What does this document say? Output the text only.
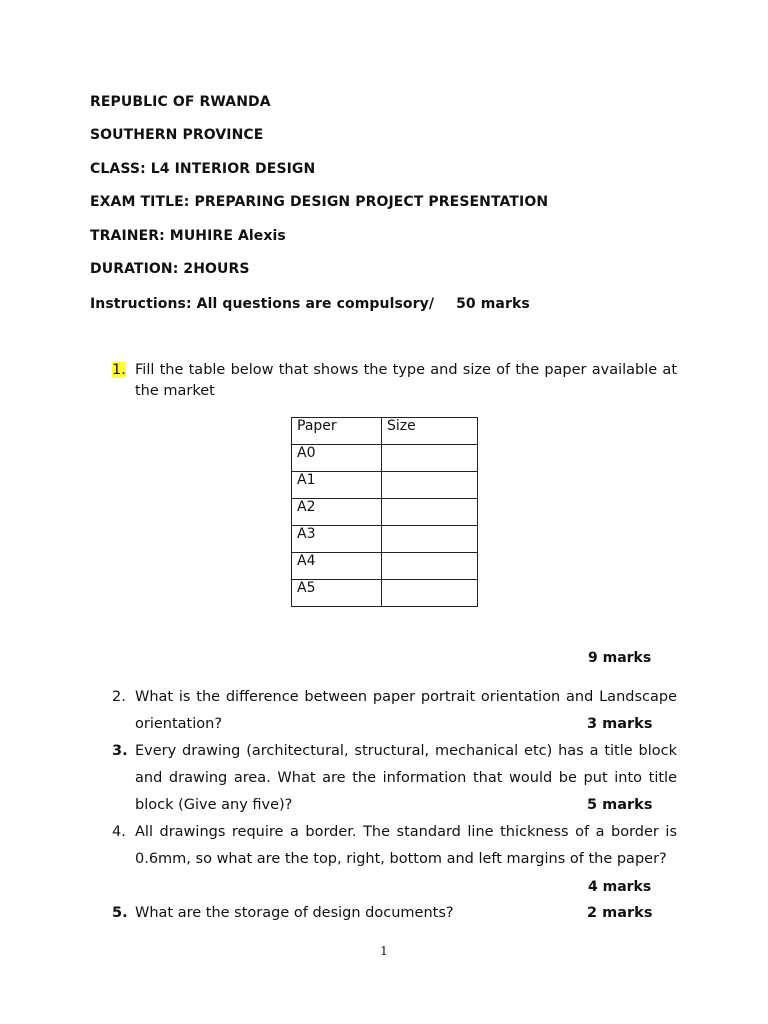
REPUBLIC OF RWANDA
SOUTHERN PROVINCE
CLASS: L4 INTERIOR DESIGN
EXAM TITLE: PREPARING DESIGN PROJECT PRESENTATION
TRAINER: MUHIRE Alexis
DURATION: 2HOURS
Instructions: All questions are compulsory/ 50 marks
1. Fill the table below that shows the type and size of the paper available at the market
Paper	Size
A0	
A1	
A2	
A3	
A4	
A5	
9 marks
2. What is the difference between paper portrait orientation and Landscape orientation?	3 marks
3. Every drawing (architectural, structural, mechanical etc) has a title block and drawing area. What are the information that would be put into title block (Give any five)?	5 marks
4. All drawings require a border. The standard line thickness of a border is 0.6mm, so what are the top, right, bottom and left margins of the paper?
4 marks
5. What are the storage of design documents?	2 marks
1
